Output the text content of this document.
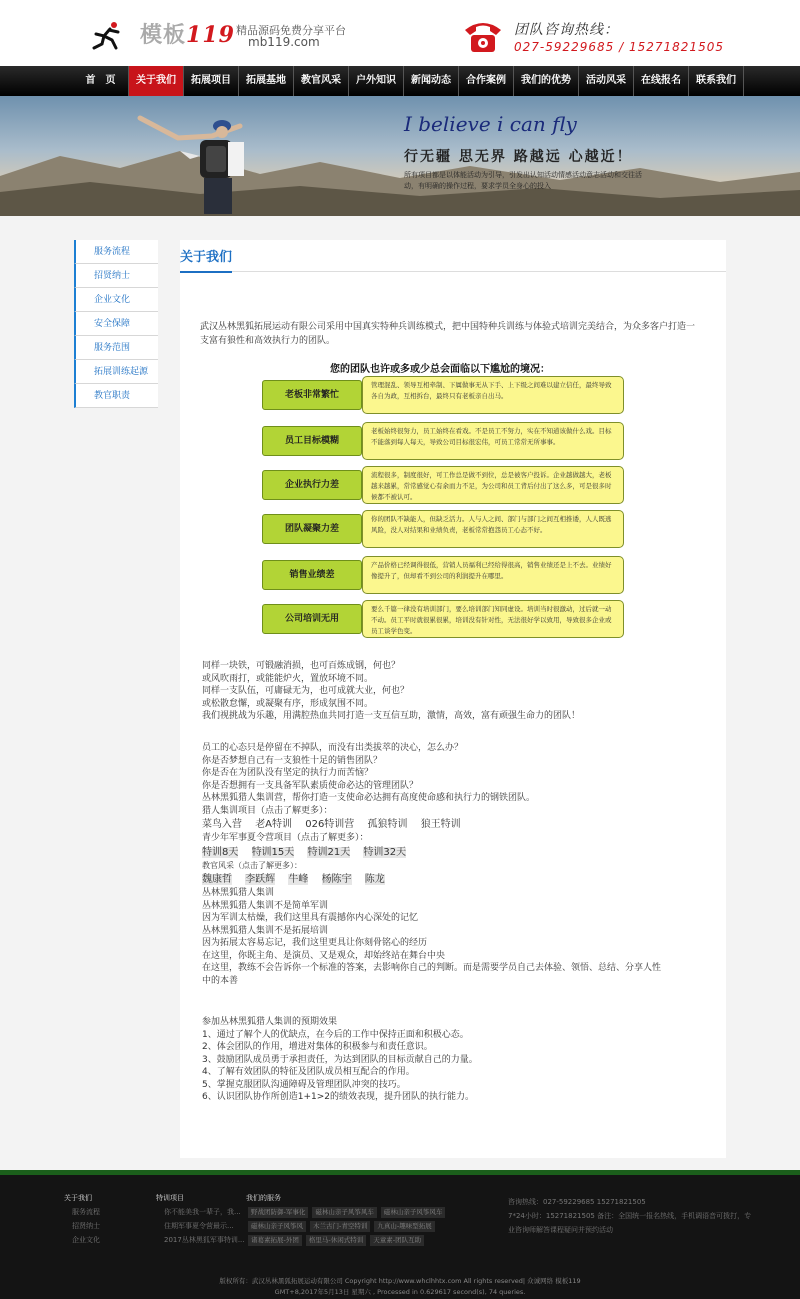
模板119 精品源码免费分享平台
mb119.com
团队咨询热线：
027-59229685 / 15271821505
首　页	关于我们	拓展项目	拓展基地	教官风采	户外知识	新闻动态	合作案例	我们的优势	活动风采	在线报名	联系我们
I believe i can fly
行无疆 思无界 路越远 心越近！
所有项目都是以体能活动为引导，引发出认知活动情感活动意志活动和交往活动，有明确的操作过程，要求学员全身心的投入
服务流程
招贤纳士
企业文化
安全保障
服务范围
拓展训练起源
教官职责
关于我们
武汉丛林黑狐拓展运动有限公司采用中国真实特种兵训练模式，把中国特种兵训练与体验式培训完美结合，为众多客户打造一支富有狼性和高效执行力的团队。
您的团队也许或多或少总会面临以下尴尬的境况：
老板非常繁忙
管理混乱、领导互相牵制、下属做事无从下手、上下级之间难以建立信任，最终导致各自为政，互相拆台，最终只有老板亲自出马。
员工目标模糊
老板始终很努力，员工始终在看戏。不是员工不努力，实在不知道该做什么戏。目标不能落到每人每天，导致公司目标很宏伟，可员工常常无所事事。
企业执行力差
流程很多，制度很好，可工作总是做不到位，总是被客户投诉。企业越做越大，老板越来越累，常常感觉心有余而力不足，为公司和员工背后付出了这么多，可是很多时候都不被认可。
团队凝聚力差
你的团队不缺能人，但缺乏活力。人与人之间、部门与部门之间互相推诿，人人既逃风险，没人对结果和业绩负责，老板常常抱怨员工心态不好。
销售业绩差
产品价格已经调得很低，营销人员福利已经给得很高，销售业绩还是上不去。业绩好像提升了，但却看不到公司的利润提升在哪里。
公司培训无用
要么千篇一律没有培训部门，要么培训部门知同虚设。培训当时很激动，过后就一动不动。员工平时就很累很累，培训没有针对性，无法很好学以致用，导致很多企业或员工谈学色变。

同样一块铁，可锻融消损，也可百炼成钢，何也？

或风吹雨打，或能能炉火，置放环境不同。

同样一支队伍，可庸碌无为，也可成就大业，何也？

或松散怠懈，或凝聚有序，形成氛围不同。

我们视挑战为乐趣，用满腔热血共同打造一支互信互助，激情，高效，富有顽强生命力的团队！

员工的心态只是停留在不掉队，而没有出类拔萃的决心，怎么办？

你是否梦想自己有一支狼性十足的销售团队？

你是否在为团队没有坚定的执行力而苦恼？

你是否想拥有一支具备军队素质使命必达的管理团队？

丛林黑狐猎人集训营，帮你打造一支使命必达拥有高度使命感和执行力的钢铁团队。

猎人集训项目（点击了解更多）：

菜鸟入营　 老A特训　 026特训营　 孤狼特训　 狼王特训

青少年军事夏令营项目（点击了解更多）：

特训8天 特训15天 特训21天 特训32天

教官风采（点击了解更多）：

魏康哲 李跃辉 牛峰 杨陈宇 陈龙

丛林黑狐猎人集训

丛林黑狐猎人集训不是简单军训

因为军训太枯燥，我们这里具有震撼你内心深处的记忆

丛林黑狐猎人集训不是拓展培训

因为拓展太容易忘记，我们这里更具让你刻骨铭心的经历

在这里，你既主角、是演员、又是观众，却始终站在舞台中央

在这里，教练不会告诉你一个标准的答案，去影响你自己的判断。而是需要学员自己去体验、领悟、总结、分享人性

中的本善

参加丛林黑狐猎人集训的预期效果

1、通过了解个人的优缺点，在今后的工作中保持正面和积极心态。

2、体会团队的作用，增进对集体的积极参与和责任意识。

3、鼓励团队成员勇于承担责任，为达到团队的目标贡献自己的力量。

4、了解有效团队的特征及团队成员相互配合的作用。

5、掌握克服团队沟通障碍及管理团队冲突的技巧。

6、认识团队协作所创造1+1>2的绩效表现，提升团队的执行能力。

关于我们
服务流程
招贤纳士
企业文化
特训项目
你不能美我一辈子，我...
住期军事夏令营最示...
2017丛林黑狐军事特训...
我们的服务
野战团防御-军事化 磁林山亲子风筝风车 磁林山亲子风筝风车 磁林山亲子风筝风 木兰古门-青空特训 九真山-趣味型拓展 诸葛素拓展-外团 格里马-休闲式特训 天童素-团队互助
咨询热线：027-59229685 15271821505
7*24小时：15271821505 备注：全国统一报名热线，手机调语音可拨打，专
业咨询师解答课程疑问并预约活动
版权所有：武汉丛林黑狐拓展运动有限公司 Copyright http://www.whclhhtx.com All rights reserved| 众诚网络 模板119
GMT+8,2017年5月13日 星期六 , Processed in 0.629617 second(s), 74 queries.
